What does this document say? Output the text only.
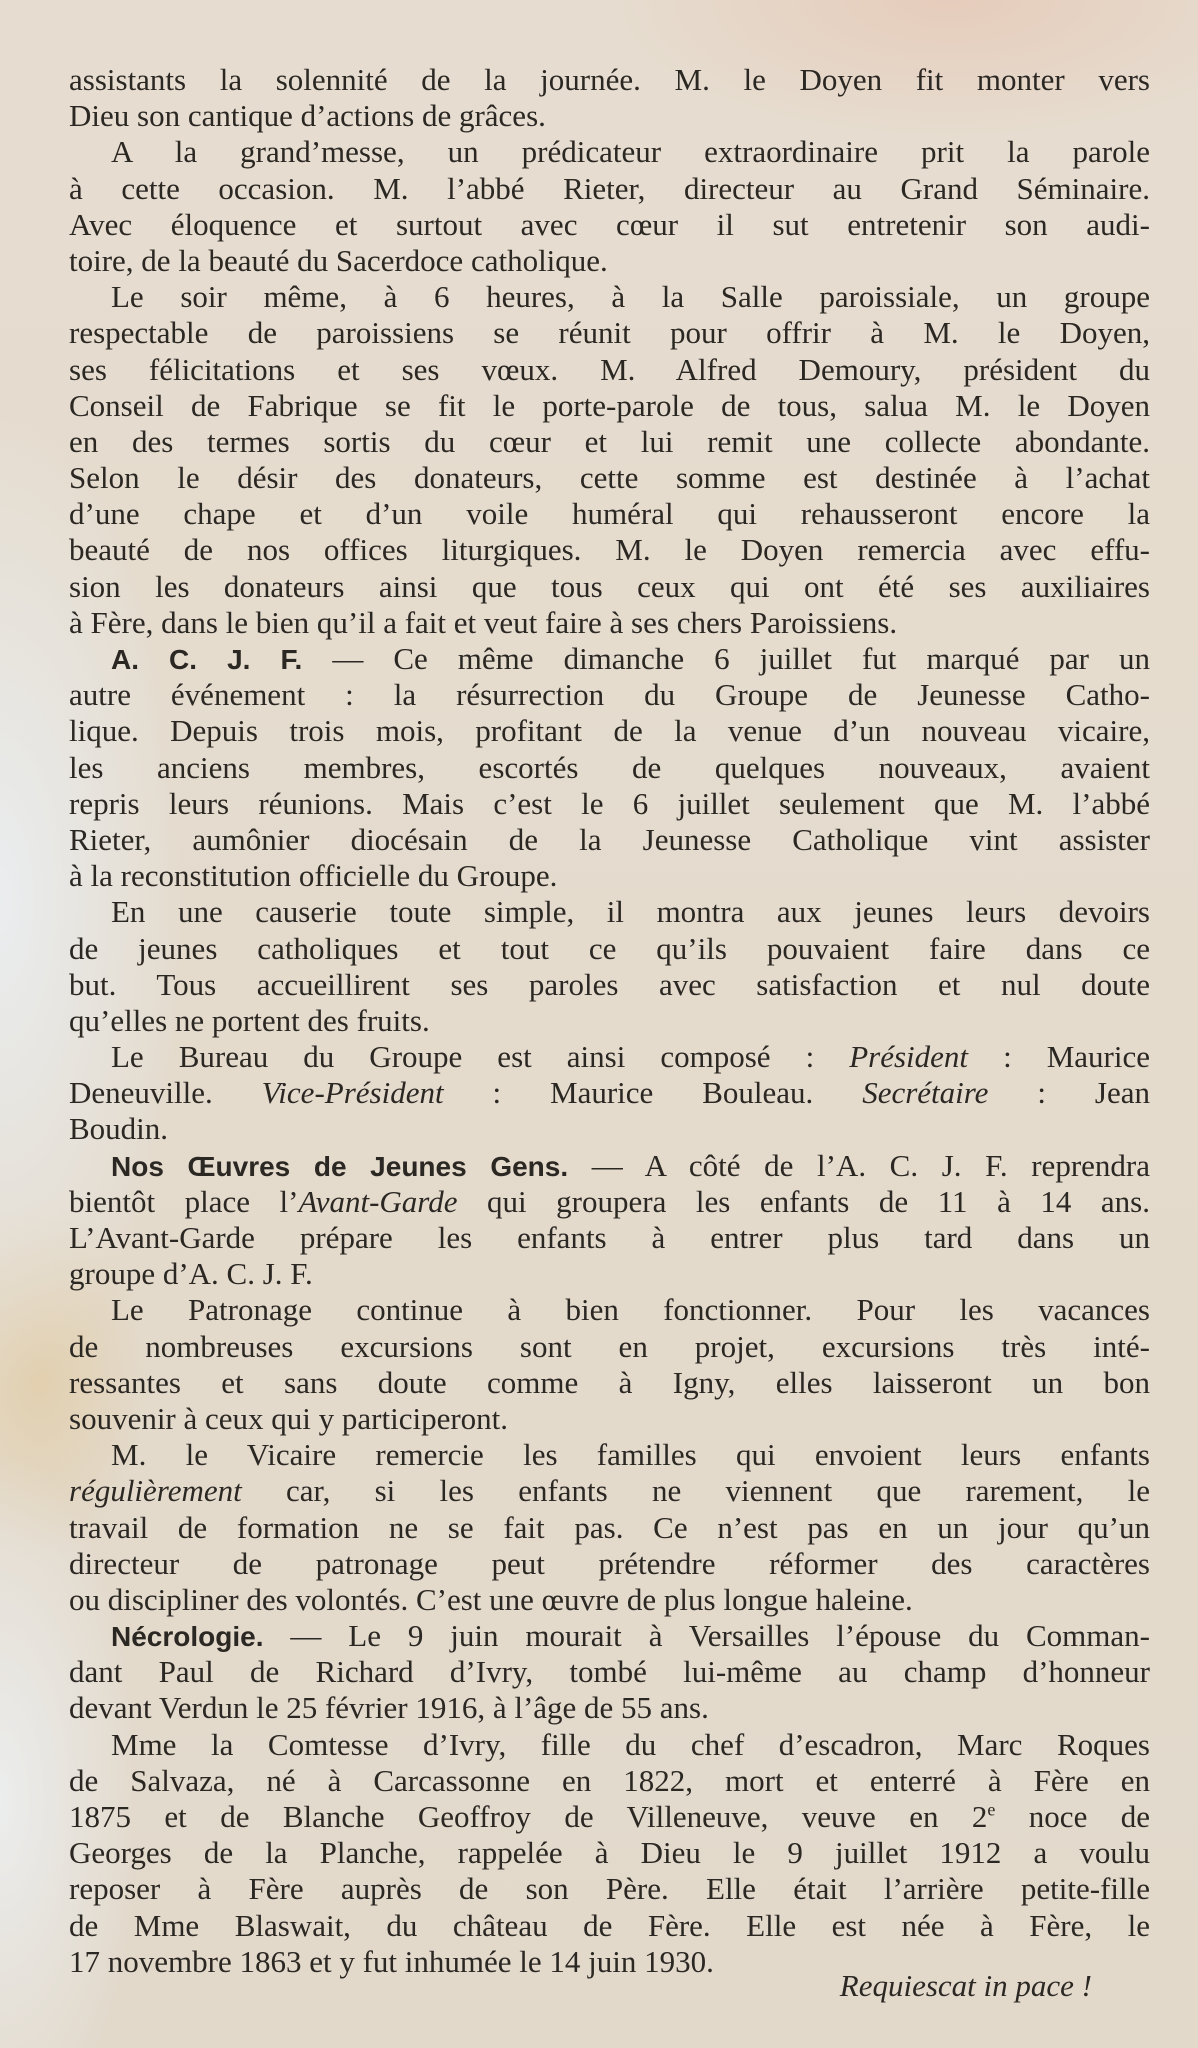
assistants la solennité de la journée. M. le Doyen fit monter vers
Dieu son cantique d’actions de grâces.
A la grand’messe, un prédicateur extraordinaire prit la parole
à cette occasion. M. l’abbé Rieter, directeur au Grand Séminaire.
Avec éloquence et surtout avec cœur il sut entretenir son audi-
toire, de la beauté du Sacerdoce catholique.
Le soir même, à 6 heures, à la Salle paroissiale, un groupe
respectable de paroissiens se réunit pour offrir à M. le Doyen,
ses félicitations et ses vœux. M. Alfred Demoury, président du
Conseil de Fabrique se fit le porte-parole de tous, salua M. le Doyen
en des termes sortis du cœur et lui remit une collecte abondante.
Selon le désir des donateurs, cette somme est destinée à l’achat
d’une chape et d’un voile huméral qui rehausseront encore la
beauté de nos offices liturgiques. M. le Doyen remercia avec effu-
sion les donateurs ainsi que tous ceux qui ont été ses auxiliaires
à Fère, dans le bien qu’il a fait et veut faire à ses chers Paroissiens.
A. C. J. F. — Ce même dimanche 6 juillet fut marqué par un
autre événement : la résurrection du Groupe de Jeunesse Catho-
lique. Depuis trois mois, profitant de la venue d’un nouveau vicaire,
les anciens membres, escortés de quelques nouveaux, avaient
repris leurs réunions. Mais c’est le 6 juillet seulement que M. l’abbé
Rieter, aumônier diocésain de la Jeunesse Catholique vint assister
à la reconstitution officielle du Groupe.
En une causerie toute simple, il montra aux jeunes leurs devoirs
de jeunes catholiques et tout ce qu’ils pouvaient faire dans ce
but. Tous accueillirent ses paroles avec satisfaction et nul doute
qu’elles ne portent des fruits.
Le Bureau du Groupe est ainsi composé : Président : Maurice
Deneuville. Vice-Président : Maurice Bouleau. Secrétaire : Jean
Boudin.
Nos Œuvres de Jeunes Gens. — A côté de l’A. C. J. F. reprendra
bientôt place l’Avant-Garde qui groupera les enfants de 11 à 14 ans.
L’Avant-Garde prépare les enfants à entrer plus tard dans un
groupe d’A. C. J. F.
Le Patronage continue à bien fonctionner. Pour les vacances
de nombreuses excursions sont en projet, excursions très inté-
ressantes et sans doute comme à Igny, elles laisseront un bon
souvenir à ceux qui y participeront.
M. le Vicaire remercie les familles qui envoient leurs enfants
régulièrement car, si les enfants ne viennent que rarement, le
travail de formation ne se fait pas. Ce n’est pas en un jour qu’un
directeur de patronage peut prétendre réformer des caractères
ou discipliner des volontés. C’est une œuvre de plus longue haleine.
Nécrologie. — Le 9 juin mourait à Versailles l’épouse du Comman-
dant Paul de Richard d’Ivry, tombé lui-même au champ d’honneur
devant Verdun le 25 février 1916, à l’âge de 55 ans.
Mme la Comtesse d’Ivry, fille du chef d’escadron, Marc Roques
de Salvaza, né à Carcassonne en 1822, mort et enterré à Fère en
1875 et de Blanche Geoffroy de Villeneuve, veuve en 2e noce de
Georges de la Planche, rappelée à Dieu le 9 juillet 1912 a voulu
reposer à Fère auprès de son Père. Elle était l’arrière petite-fille
de Mme Blaswait, du château de Fère. Elle est née à Fère, le
17 novembre 1863 et y fut inhumée le 14 juin 1930.
Requiescat in pace !
